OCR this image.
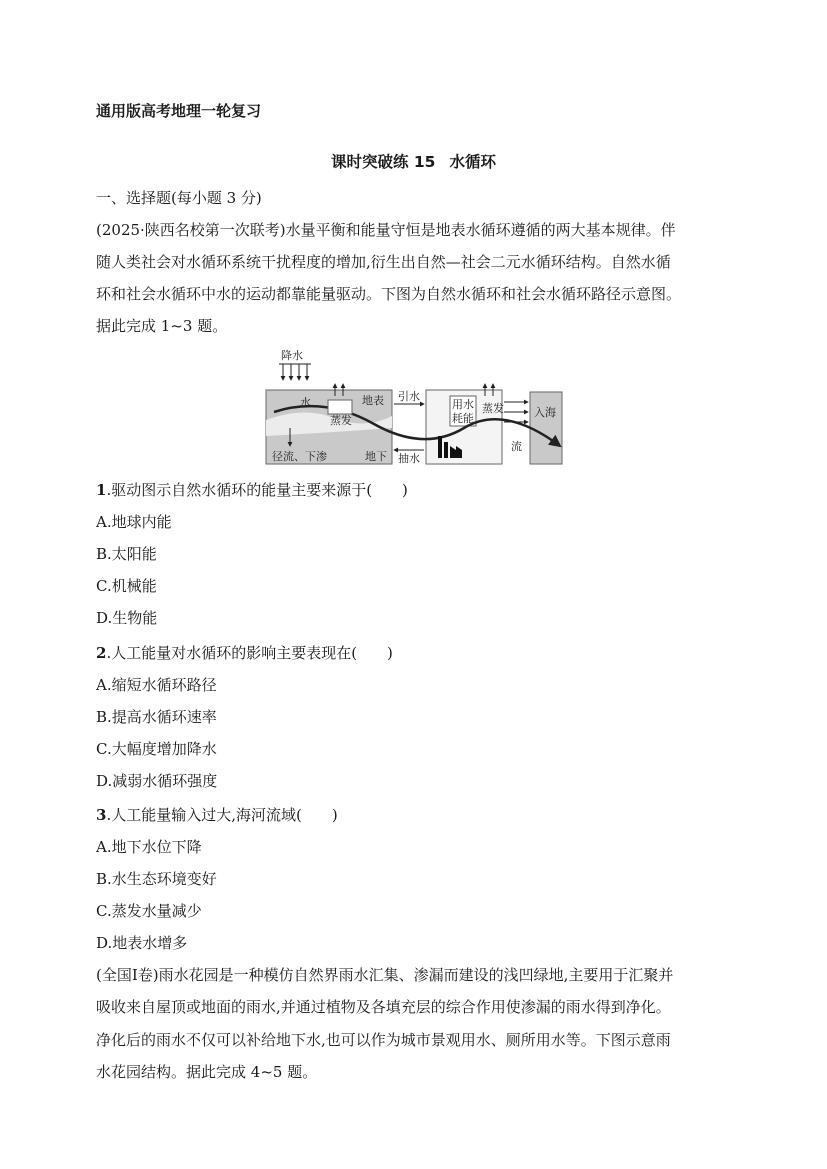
通用版高考地理一轮复习
课时突破练 15 水循环
一、选择题(每小题 3 分)
(2025·陕西名校第一次联考)水量平衡和能量守恒是地表水循环遵循的两大基本规律。伴
随人类社会对水循环系统干扰程度的增加,衍生出自然—社会二元水循环结构。自然水循
环和社会水循环中水的运动都靠能量驱动。下图为自然水循环和社会水循环路径示意图。
据此完成 1~3 题。
降水
水
蒸发
地表
径流、下渗	地下
引水
抽水
用水
耗能
蒸发	入海
流
1.驱动图示自然水循环的能量主要来源于(　　)
A.地球内能
B.太阳能
C.机械能
D.生物能
2.人工能量对水循环的影响主要表现在(　　)
A.缩短水循环路径
B.提高水循环速率
C.大幅度增加降水
D.减弱水循环强度
3.人工能量输入过大,海河流域(　　)
A.地下水位下降
B.水生态环境变好
C.蒸发水量减少
D.地表水增多
(全国Ⅰ卷)雨水花园是一种模仿自然界雨水汇集、渗漏而建设的浅凹绿地,主要用于汇聚并
吸收来自屋顶或地面的雨水,并通过植物及各填充层的综合作用使渗漏的雨水得到净化。
净化后的雨水不仅可以补给地下水,也可以作为城市景观用水、厕所用水等。下图示意雨
水花园结构。据此完成 4~5 题。
